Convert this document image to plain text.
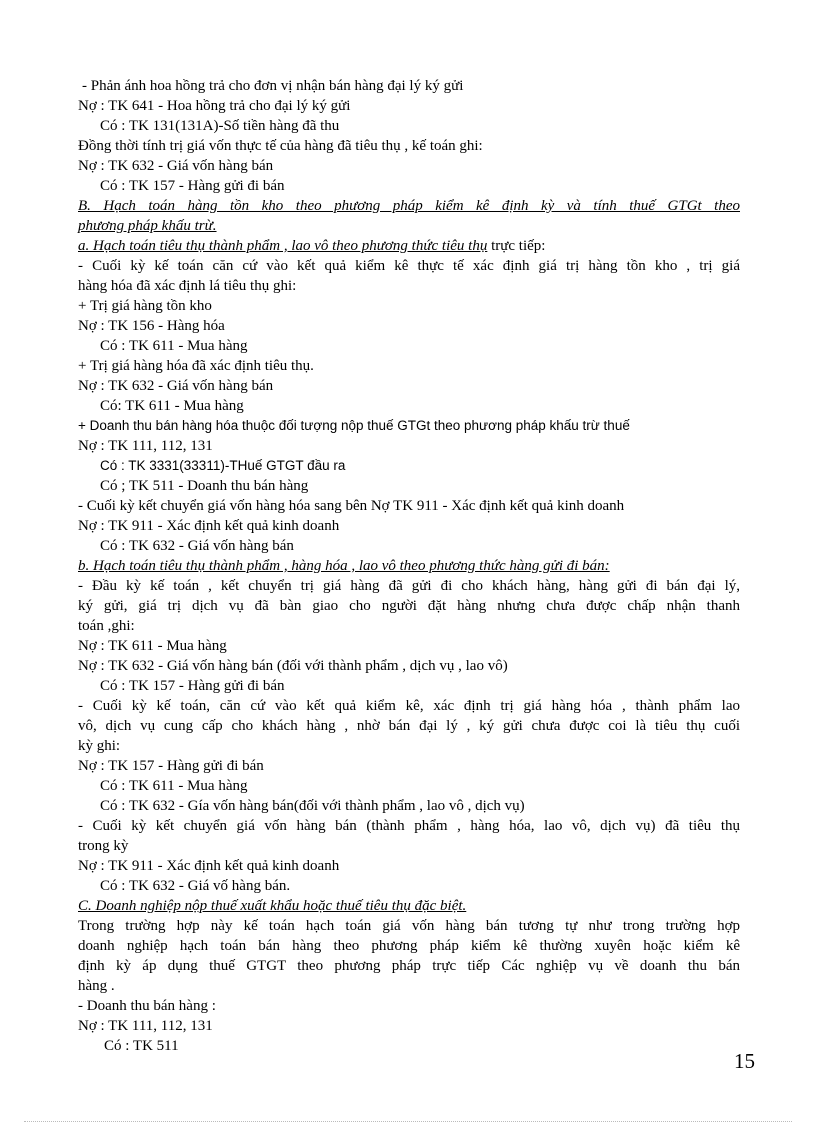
- Phản ánh hoa hồng trả cho đơn vị nhận bán hàng đại lý ký gửi
Nợ : TK 641 - Hoa hồng trả cho đại lý ký gửi
Có : TK 131(131A)-Số tiền hàng đã thu
Đồng thời tính trị giá vốn thực tế của hàng đã tiêu thụ , kế toán ghi:
Nợ : TK 632 - Giá vốn hàng bán
Có : TK 157 - Hàng gửi đi bán
B. Hạch toán hàng tồn kho theo phương pháp kiểm kê định kỳ và tính thuế GTGt theo
phương pháp khấu trừ.
a. Hạch toán tiêu thụ thành phẩm , lao vô theo phương thức tiêu thụ trực tiếp:
- Cuối kỳ kế toán căn cứ vào kết quả kiểm kê thực tế xác định giá trị hàng tồn kho , trị giá
hàng hóa đã xác định lá tiêu thụ ghi:
+ Trị giá hàng tồn kho
Nợ : TK 156 - Hàng hóa
Có : TK 611 - Mua hàng
+ Trị giá hàng hóa đã xác định tiêu thụ.
Nợ : TK 632 - Giá vốn hàng bán
Có: TK 611 - Mua hàng
+ Doanh thu bán hàng hóa thuộc đối tượng nộp thuế GTGt theo phương pháp khấu trừ thuế
Nợ : TK 111, 112, 131
Có : TK 3331(33311)-THuế GTGT đầu ra
Có ; TK 511 - Doanh thu bán hàng
- Cuối kỳ kết chuyển giá vốn hàng hóa sang bên Nợ TK 911 - Xác định kết quả kinh doanh
Nợ : TK 911 - Xác định kết quả kinh doanh
Có : TK 632 - Giá vốn hàng bán
b. Hạch toán tiêu thụ thành phẩm , hàng hóa , lao vô theo phương thức hàng gửi đi bán:
- Đầu kỳ kế toán , kết chuyển trị giá hàng đã gửi đi cho khách hàng, hàng gửi đi bán đại lý,
ký gửi, giá trị dịch vụ đã bàn giao cho người đặt hàng nhưng chưa được chấp nhận thanh
toán ,ghi:
Nợ : TK 611 - Mua hàng
Nợ : TK 632 - Giá vốn hàng bán (đối với thành phẩm , dịch vụ , lao vô)
Có : TK 157 - Hàng gửi đi bán
- Cuối kỳ kế toán, căn cứ vào kết quả kiểm kê, xác định trị giá hàng hóa , thành phẩm lao
vô, dịch vụ cung cấp cho khách hàng , nhờ bán đại lý , ký gửi chưa được coi là tiêu thụ cuối
kỳ ghi:
Nợ : TK 157 - Hàng gửi đi bán
Có : TK 611 - Mua hàng
Có : TK 632 - Gía vốn hàng bán(đối với thành phẩm , lao vô , dịch vụ)
- Cuối kỳ kết chuyển giá vốn hàng bán (thành phẩm , hàng hóa, lao vô, dịch vụ) đã tiêu thụ
trong kỳ
Nợ : TK 911 - Xác định kết quả kinh doanh
Có : TK 632 - Giá vố hàng bán.
C. Doanh nghiệp nộp thuế xuất khẩu hoặc thuế tiêu thụ đặc biệt.
Trong trường hợp này kế toán hạch toán giá vốn hàng bán tương tự như trong trường hợp
doanh nghiệp hạch toán bán hàng theo phương pháp kiểm kê thường xuyên hoặc kiểm kê
định kỳ áp dụng thuế GTGT theo phương pháp trực tiếp Các nghiệp vụ về doanh thu bán
hàng .
- Doanh thu bán hàng :
Nợ : TK 111, 112, 131
Có : TK 511
15
